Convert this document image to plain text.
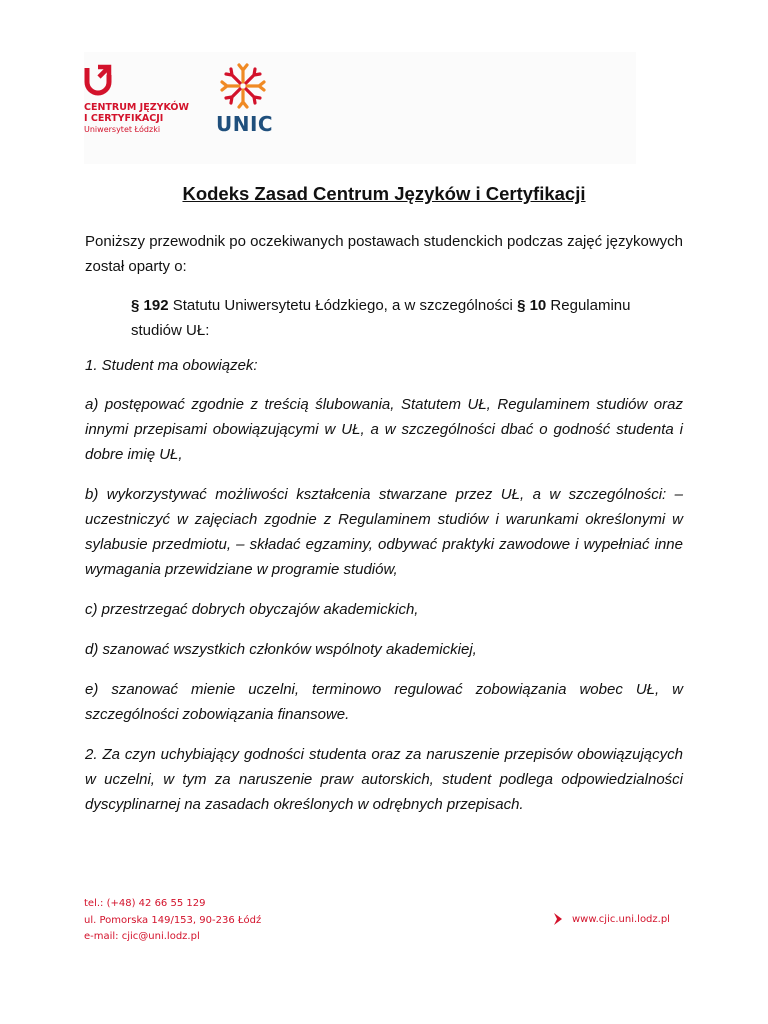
CENTRUM JĘZYKÓW
I CERTYFIKACJI
Uniwersytet Łódzki	UNIC
Kodeks Zasad Centrum Języków i Certyfikacji
Poniższy przewodnik po oczekiwanych postawach studenckich podczas zajęć językowych został oparty o:
§ 192 Statutu Uniwersytetu Łódzkiego, a w szczególności § 10 Regulaminu studiów UŁ:
1. Student ma obowiązek:
a) postępować zgodnie z treścią ślubowania, Statutem UŁ, Regulaminem studiów oraz innymi przepisami obowiązującymi w UŁ, a w szczególności dbać o godność studenta i dobre imię UŁ,
b) wykorzystywać możliwości kształcenia stwarzane przez UŁ, a w szczególności: – uczestniczyć w zajęciach zgodnie z Regulaminem studiów i warunkami określonymi w sylabusie przedmiotu, – składać egzaminy, odbywać praktyki zawodowe i wypełniać inne wymagania przewidziane w programie studiów,
c) przestrzegać dobrych obyczajów akademickich,
d) szanować wszystkich członków wspólnoty akademickiej,
e) szanować mienie uczelni, terminowo regulować zobowiązania wobec UŁ, w szczególności zobowiązania finansowe.
2. Za czyn uchybiający godności studenta oraz za naruszenie przepisów obowiązujących w uczelni, w tym za naruszenie praw autorskich, student podlega odpowiedzialności dyscyplinarnej na zasadach określonych w odrębnych przepisach.
tel.: (+48) 42 66 55 129
ul. Pomorska 149/153, 90-236 Łódź
e-mail: cjic@uni.lodz.pl
www.cjic.uni.lodz.pl
